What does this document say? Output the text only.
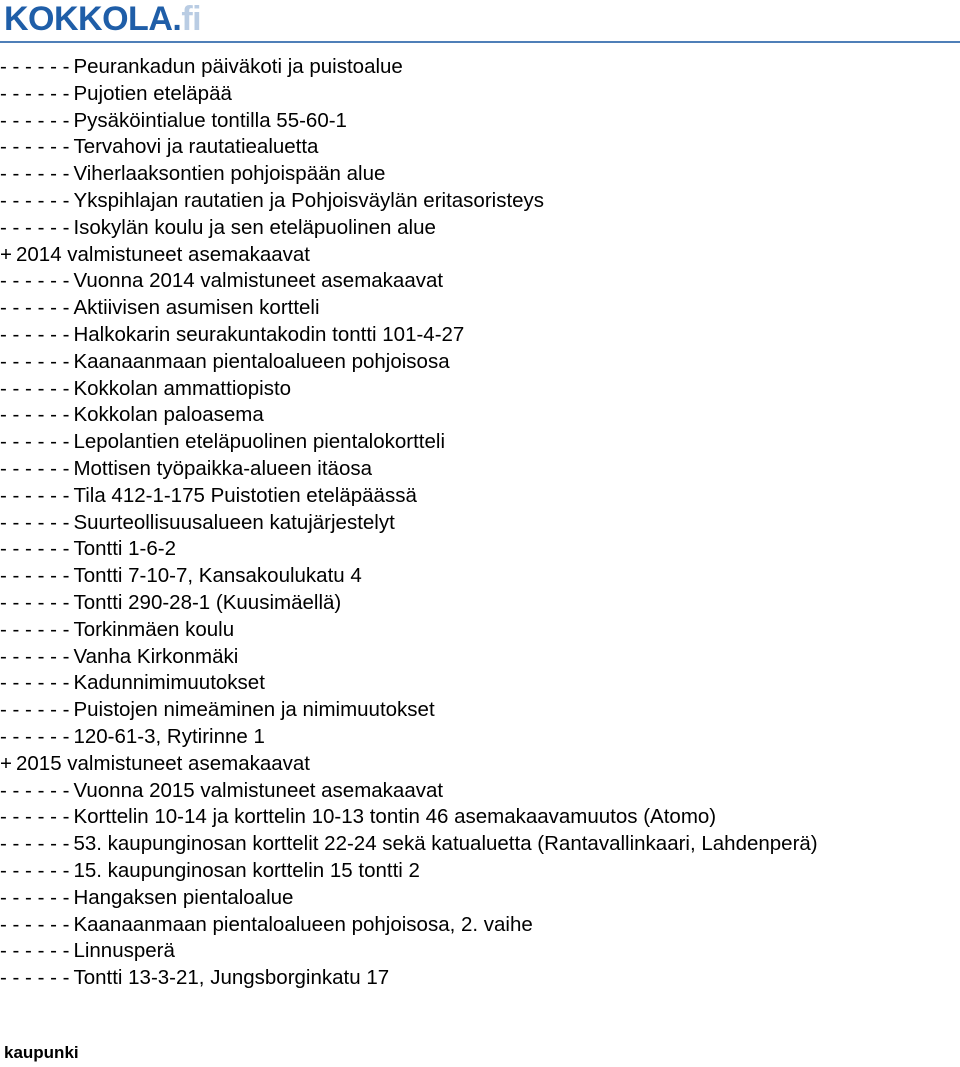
KOKKOLA.fi
- - - - - - Peurankadun päiväkoti ja puistoalue
- - - - - - Pujotien eteläpää
- - - - - - Pysäköintialue tontilla 55-60-1
- - - - - - Tervahovi ja rautatiealuetta
- - - - - - Viherlaaksontien pohjoispään alue
- - - - - - Ykspihlajan rautatien ja Pohjoisväylän eritasoristeys
- - - - - - Isokylän koulu ja sen eteläpuolinen alue
+ 2014 valmistuneet asemakaavat
- - - - - - Vuonna 2014 valmistuneet asemakaavat
- - - - - - Aktiivisen asumisen kortteli
- - - - - - Halkokarin seurakuntakodin tontti 101-4-27
- - - - - - Kaanaanmaan pientaloalueen pohjoisosa
- - - - - - Kokkolan ammattiopisto
- - - - - - Kokkolan paloasema
- - - - - - Lepolantien eteläpuolinen pientalokortteli
- - - - - - Mottisen työpaikka-alueen itäosa
- - - - - - Tila 412-1-175 Puistotien eteläpäässä
- - - - - - Suurteollisuusalueen katujärjestelyt
- - - - - - Tontti 1-6-2
- - - - - - Tontti 7-10-7, Kansakoulukatu 4
- - - - - - Tontti 290-28-1 (Kuusimäellä)
- - - - - - Torkinmäen koulu
- - - - - - Vanha Kirkonmäki
- - - - - - Kadunnimimuutokset
- - - - - - Puistojen nimeäminen ja nimimuutokset
- - - - - - 120-61-3, Rytirinne 1
+ 2015 valmistuneet asemakaavat
- - - - - - Vuonna 2015 valmistuneet asemakaavat
- - - - - - Korttelin 10-14 ja korttelin 10-13 tontin 46 asemakaavamuutos (Atomo)
- - - - - - 53. kaupunginosan korttelit 22-24 sekä katualuetta (Rantavallinkaari, Lahdenperä)
- - - - - - 15. kaupunginosan korttelin 15 tontti 2
- - - - - - Hangaksen pientaloalue
- - - - - - Kaanaanmaan pientaloalueen pohjoisosa, 2. vaihe
- - - - - - Linnusperä
- - - - - - Tontti 13-3-21, Jungsborginkatu 17
kaupunki
